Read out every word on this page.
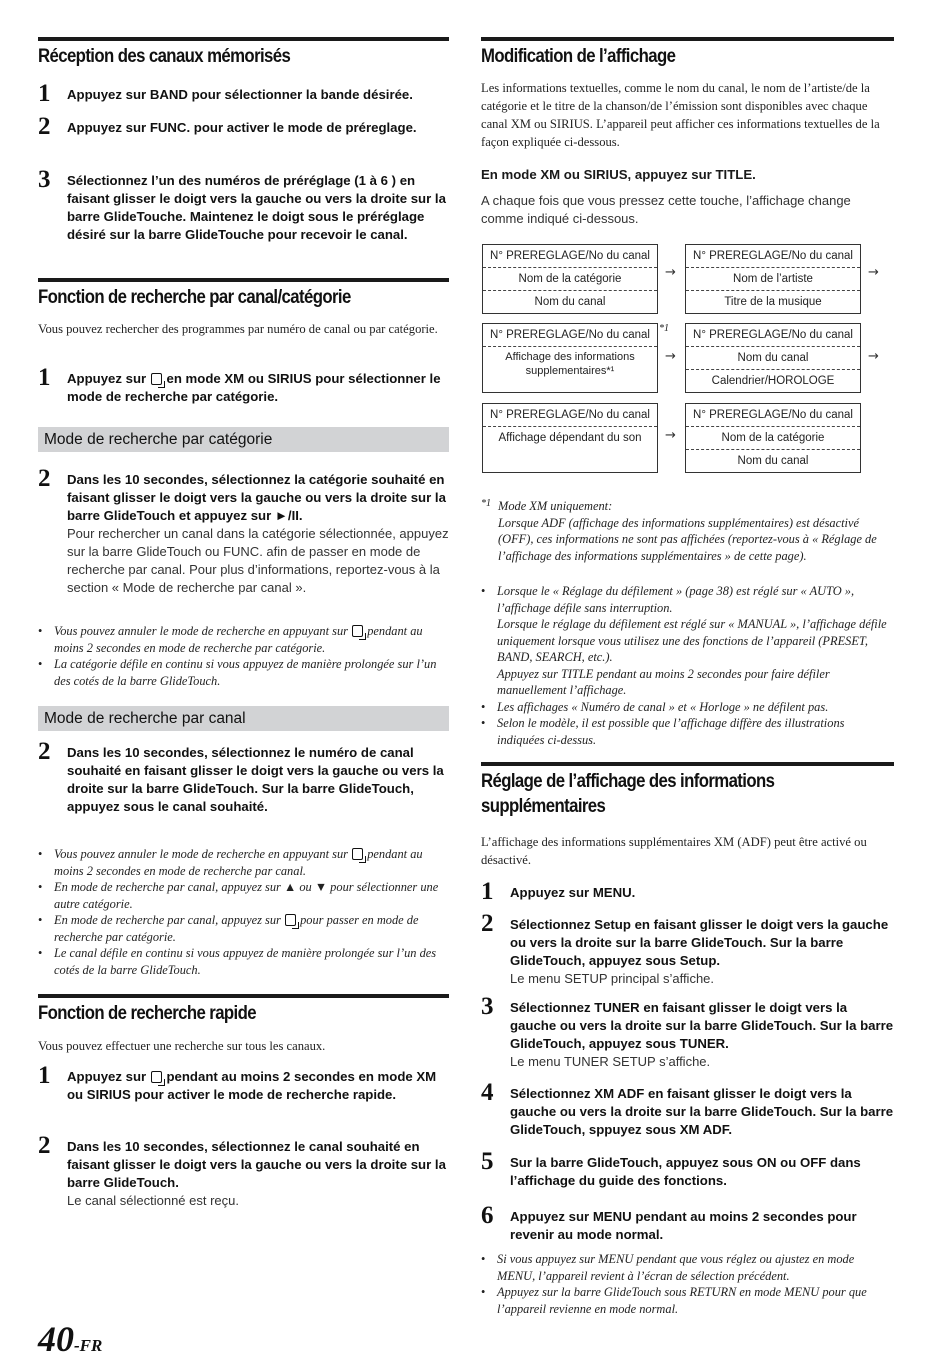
Réception des canaux mémorisés
1 Appuyez sur BAND pour sélectionner la bande désirée.
2 Appuyez sur FUNC. pour activer le mode de préreglage.
3 Sélectionnez l’un des numéros de préréglage (1 à 6 ) en faisant glisser le doigt vers la gauche ou vers la droite sur la barre GlideTouche. Maintenez le doigt sous le préréglage désiré sur la barre GlideTouche pour recevoir le canal.
Fonction de recherche par canal/catégorie
Vous pouvez rechercher des programmes par numéro de canal ou par catégorie.
1 Appuyez sur en mode XM ou SIRIUS pour sélectionner le mode de recherche par catégorie.
Mode de recherche par catégorie
2 Dans les 10 secondes, sélectionnez la catégorie souhaité en faisant glisser le doigt vers la gauche ou vers la droite sur la barre GlideTouch et appuyez sur ►/II.
Pour rechercher un canal dans la catégorie sélectionnée, appuyez sur la barre GlideTouch ou FUNC. afin de passer en mode de recherche par canal. Pour plus d’informations, reportez-vous à la section « Mode de recherche par canal ».
• Vous pouvez annuler le mode de recherche en appuyant sur pendant au moins 2 secondes en mode de recherche par catégorie.
• La catégorie défile en continu si vous appuyez de manière prolongée sur l’un des cotés de la barre GlideTouch.
Mode de recherche par canal
2 Dans les 10 secondes, sélectionnez le numéro de canal souhaité en faisant glisser le doigt vers la gauche ou vers la droite sur la barre GlideTouch. Sur la barre GlideTouch, appuyez sous le canal souhaité.
• Vous pouvez annuler le mode de recherche en appuyant sur pendant au moins 2 secondes en mode de recherche par canal.
• En mode de recherche par canal, appuyez sur ▲ ou ▼ pour sélectionner une autre catégorie.
• En mode de recherche par canal, appuyez sur pour passer en mode de recherche par catégorie.
• Le canal défile en continu si vous appuyez de manière prolongée sur l’un des cotés de la barre GlideTouch.
Fonction de recherche rapide
Vous pouvez effectuer une recherche sur tous les canaux.
1 Appuyez sur pendant au moins 2 secondes en mode XM ou SIRIUS pour activer le mode de recherche rapide.
2 Dans les 10 secondes, sélectionnez le canal souhaité en faisant glisser le doigt vers la gauche ou vers la droite sur la barre GlideTouch.
Le canal sélectionné est reçu.
Modification de l’affichage
Les informations textuelles, comme le nom du canal, le nom de l’artiste/de la catégorie et le titre de la chanson/de l’émission sont disponibles avec chaque canal XM ou SIRIUS. L’appareil peut afficher ces informations textuelles de la façon expliquée ci-dessous.
En mode XM ou SIRIUS, appuyez sur TITLE.
A chaque fois que vous pressez cette touche, l’affichage change comme indiqué ci-dessous.
N° PREREGLAGE/No du canal
Nom de la catégorie
Nom du canal
→
N° PREREGLAGE/No du canal
Nom de l’artiste
Titre de la musique
→
N° PREREGLAGE/No du canal
Affichage des informations supplementaires*¹
*1
→
N° PREREGLAGE/No du canal
Nom du canal
Calendrier/HOROLOGE
→
N° PREREGLAGE/No du canal
Affichage dépendant du son	→
N° PREREGLAGE/No du canal
Nom de la catégorie
Nom du canal
*1 Mode XM uniquement:
Lorsque ADF (affichage des informations supplémentaires) est désactivé (OFF), ces informations ne sont pas affichées (reportez-vous à « Réglage de l’affichage des informations supplémentaires » de cette page).
• Lorsque le « Réglage du défilement » (page 38) est réglé sur « AUTO », l’affichage défile sans interruption.
Lorsque le réglage du défilement est réglé sur « MANUAL », l’affichage défile uniquement lorsque vous utilisez une des fonctions de l’appareil (PRESET, BAND, SEARCH, etc.).
Appuyez sur TITLE pendant au moins 2 secondes pour faire défiler manuellement l’affichage.
• Les affichages « Numéro de canal » et « Horloge » ne défilent pas.
• Selon le modèle, il est possible que l’affichage diffère des illustrations indiquées ci-dessus.
Réglage de l’affichage des informations
supplémentaires
L’affichage des informations supplémentaires XM (ADF) peut être activé ou désactivé.
1 Appuyez sur MENU.
2 Sélectionnez Setup en faisant glisser le doigt vers la gauche ou vers la droite sur la barre GlideTouch. Sur la barre GlideTouch, appuyez sous Setup.
Le menu SETUP principal s’affiche.
3 Sélectionnez TUNER en faisant glisser le doigt vers la gauche ou vers la droite sur la barre GlideTouch. Sur la barre GlideTouch, appuyez sous TUNER.
Le menu TUNER SETUP s’affiche.
4 Sélectionnez XM ADF en faisant glisser le doigt vers la gauche ou vers la droite sur la barre GlideTouch. Sur la barre GlideTouch, sppuyez sous XM ADF.
5 Sur la barre GlideTouch, appuyez sous ON ou OFF dans l’affichage du guide des fonctions.
6 Appuyez sur MENU pendant au moins 2 secondes pour revenir au mode normal.
• Si vous appuyez sur MENU pendant que vous réglez ou ajustez en mode MENU, l’appareil revient à l’écran de sélection précédent.
• Appuyez sur la barre GlideTouch sous RETURN en mode MENU pour que l’appareil revienne en mode normal.
40-FR
